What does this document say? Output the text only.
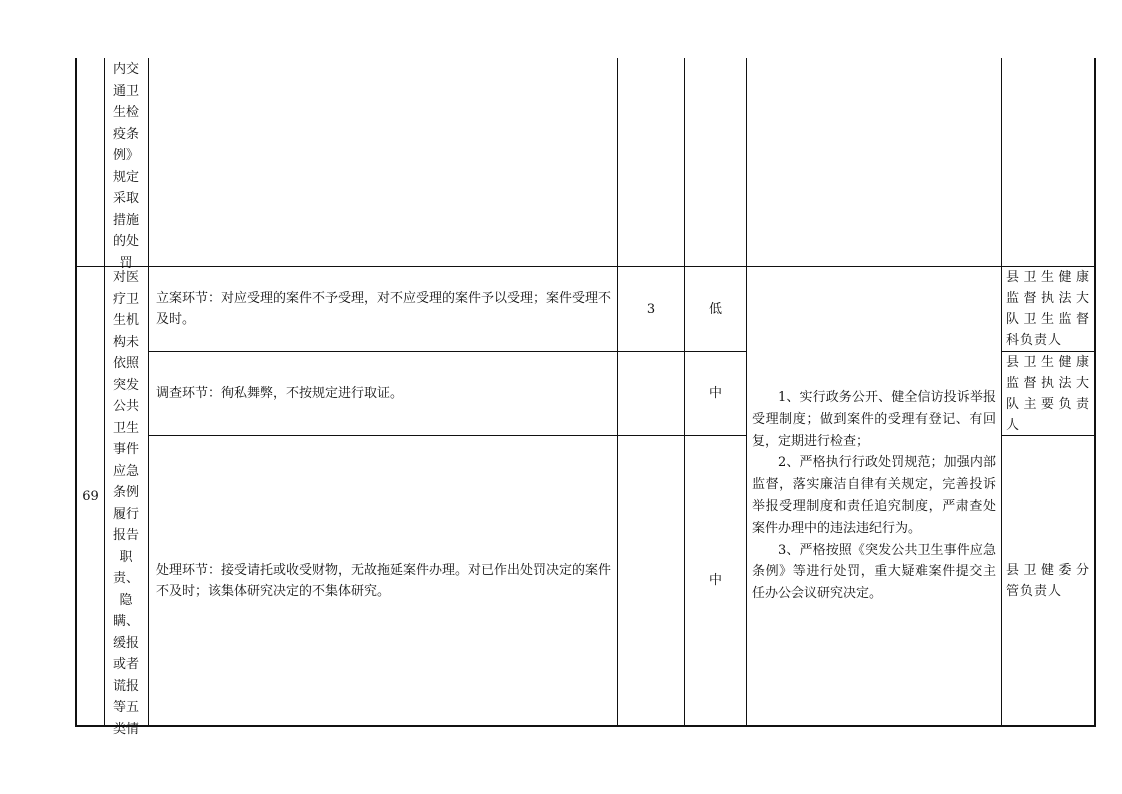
内交
通卫
生检
疫条
例》
规定
采取
措施
的处
罚
69
对医
疗卫
生机
构未
依照
突发
公共
卫生
事件
应急
条例
履行
报告
职
责、
隐
瞒、
缓报
或者
谎报
等五
类情
立案环节：对应受理的案件不予受理，对不应受理的案件予以受理；案件受理不及时。
3	低
调查环节：徇私舞弊，不按规定进行取证。	中
处理环节：接受请托或收受财物，无故拖延案件办理。对已作出处罚决定的案件不及时；该集体研究决定的不集体研究。
中

1、实行政务公开、健全信访投诉举报受理制度；做到案件的受理有登记、有回复，定期进行检查；

2、严格执行行政处罚规范；加强内部监督，落实廉洁自律有关规定，完善投诉举报受理制度和责任追究制度，严肃查处案件办理中的违法违纪行为。

3、严格按照《突发公共卫生事件应急条例》等进行处罚，重大疑难案件提交主任办公会议研究决定。

县卫生健康
监督执法大
队卫生监督
科负责人
县卫生健康
监督执法大
队主要负责
人
县卫健委分
管负责人
